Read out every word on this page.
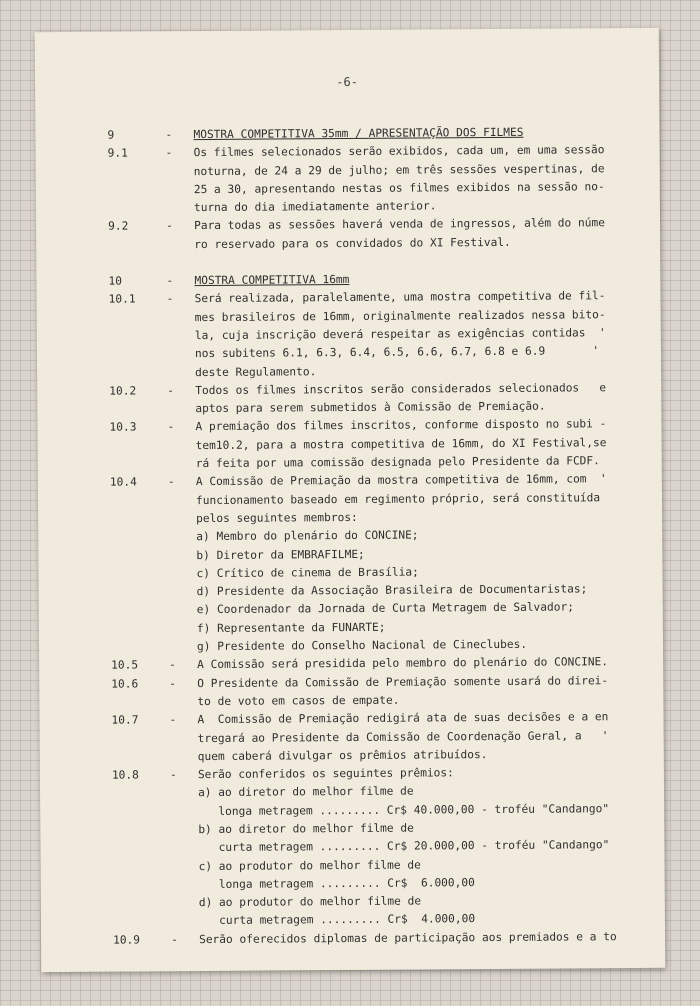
-6-
9	-	MOSTRA COMPETITIVA 35mm / APRESENTAÇÃO DOS FILMES
9.1	-	Os filmes selecionados serão exibidos, cada um, em uma sessão
noturna, de 24 a 29 de julho; em três sessões vespertinas, de
25 a 30, apresentando nestas os filmes exibidos na sessão no-
turna do dia imediatamente anterior.
9.2	-	Para todas as sessões haverá venda de ingressos, além do núme
ro reservado para os convidados do XI Festival.
10	-	MOSTRA COMPETITIVA 16mm
10.1	-	Será realizada, paralelamente, uma mostra competitiva de fil-
mes brasileiros de 16mm, originalmente realizados nessa bito-
la, cuja inscrição deverá respeitar as exigências contidas  '
nos subitens 6.1, 6.3, 6.4, 6.5, 6.6, 6.7, 6.8 e 6.9       '
deste Regulamento.
10.2	-	Todos os filmes inscritos serão considerados selecionados   e
aptos para serem submetidos à Comissão de Premiação.
10.3	-	A premiação dos filmes inscritos, conforme disposto no subi -
tem10.2, para a mostra competitiva de 16mm, do XI Festival,se
rá feita por uma comissão designada pelo Presidente da FCDF.
10.4	-	A Comissão de Premiação da mostra competitiva de 16mm, com  '
funcionamento baseado em regimento próprio, será constituída
pelos seguintes membros:
a) Membro do plenário do CONCINE;
b) Diretor da EMBRAFILME;
c) Crítico de cinema de Brasília;
d) Presidente da Associação Brasileira de Documentaristas;
e) Coordenador da Jornada de Curta Metragem de Salvador;
f) Representante da FUNARTE;
g) Presidente do Conselho Nacional de Cineclubes.
10.5	-	A Comissão será presidida pelo membro do plenário do CONCINE.
10.6	-	O Presidente da Comissão de Premiação somente usará do direi-
to de voto em casos de empate.
10.7	-	A  Comissão de Premiação redigirá ata de suas decisões e a en
tregará ao Presidente da Comissão de Coordenação Geral, a   '
quem caberá divulgar os prêmios atribuídos.
10.8	-	Serão conferidos os seguintes prêmios:
a) ao diretor do melhor filme de
longa metragem ......... Cr$ 40.000,00 - troféu "Candango"
b) ao diretor do melhor filme de
curta metragem ......... Cr$ 20.000,00 - troféu "Candango"
c) ao produtor do melhor filme de
longa metragem ......... Cr$  6.000,00
d) ao produtor do melhor filme de
curta metragem ......... Cr$  4.000,00
10.9	-	Serão oferecidos diplomas de participação aos premiados e a to
